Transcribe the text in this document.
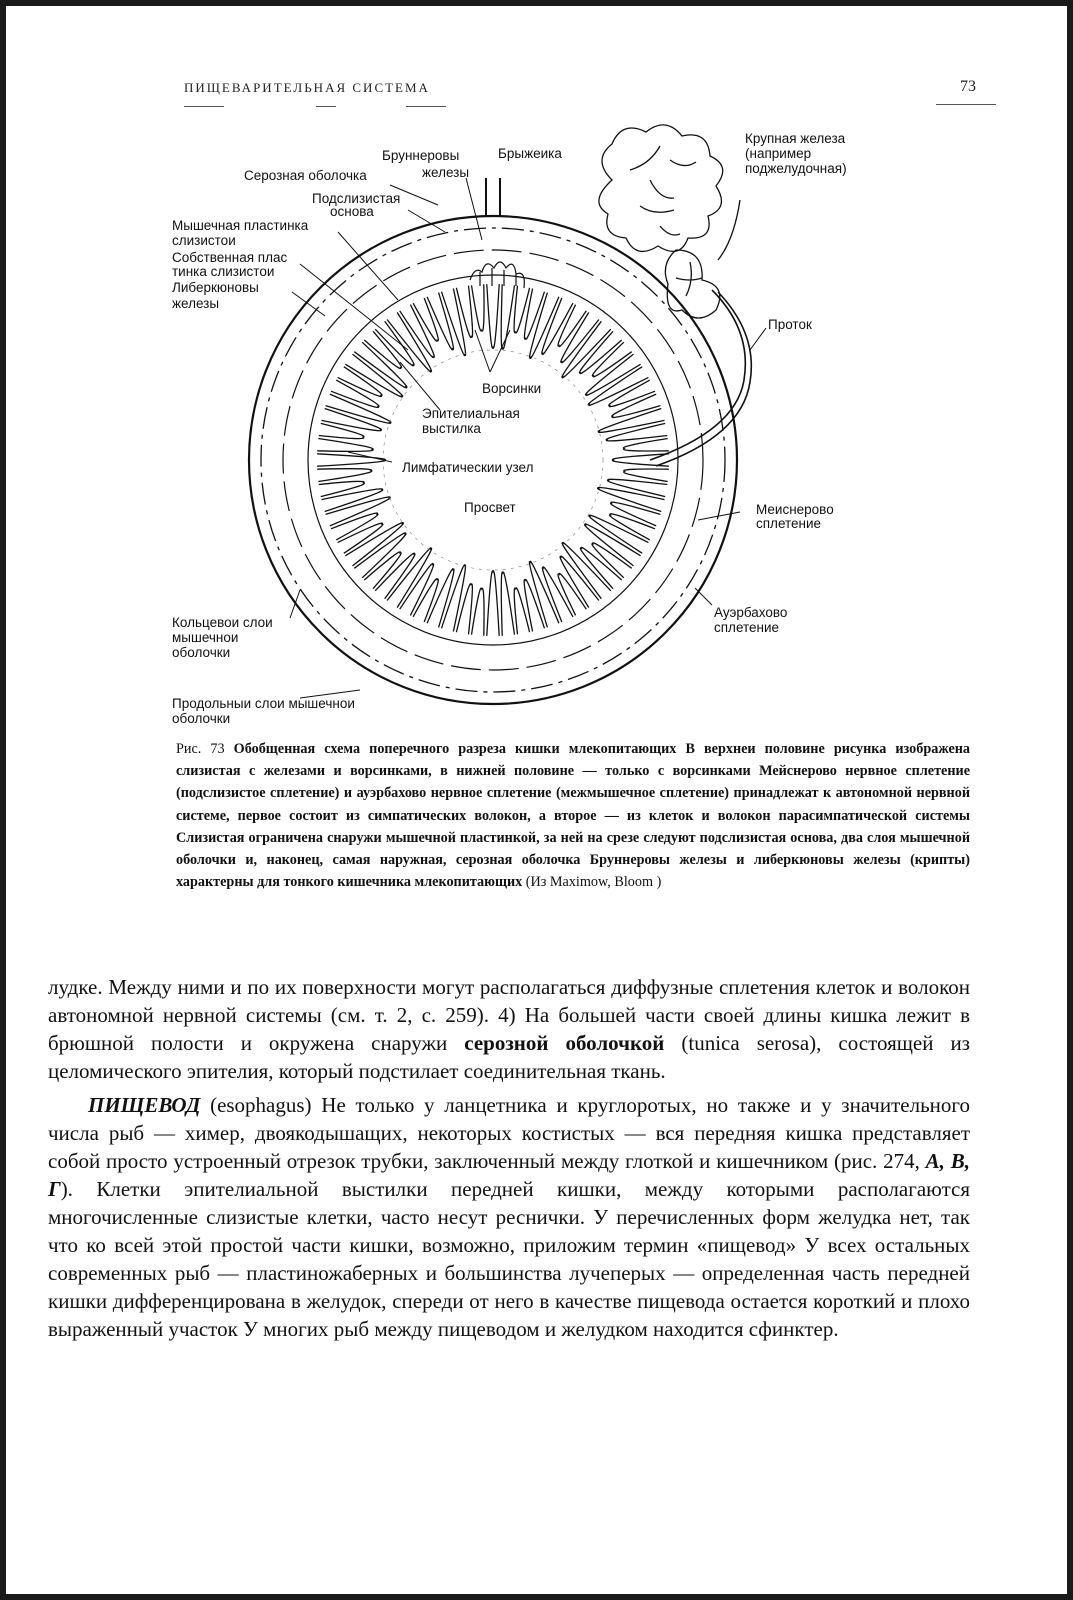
ПИЩЕВАРИТЕЛЬНАЯ СИСТЕМА	73
Бруннеровы
железы
Брыжеика
Серозная оболочка
Подслизистая
основа
Мышечная пластинка
слизистои
Собственная плас
тинка слизистои
Либеркюновы
железы
Крупная железа
(например
поджелудочная)
Проток
Ворсинки
Эпителиальная
выстилка
Лимфатическии узел
Просвет	Меиснерово
сплетение
Ауэрбахово
сплетение
Кольцевои слои
мышечнои
оболочки
Продольныи слои мышечнои
оболочки
Рис. 73 Обобщенная схема поперечного разреза кишки млекопитающих В верхнеи половине рисунка изображена слизистая с железами и ворсинками, в нижней половине — только с ворсинками Мейснерово нервное сплетение (подслизистое сплетение) и ауэрбахово нервное сплетение (межмышечное сплетение) принадлежат к автономной нервной системе, первое состоит из симпатических волокон, а второе — из клеток и волокон парасимпатической системы Слизистая ограничена снаружи мышечной пластинкой, за ней на срезе следуют подслизистая основа, два слоя мышечной оболочки и, наконец, самая наружная, серозная оболочка Бруннеровы железы и либеркюновы железы (крипты) характерны для тонкого кишечника млекопитающих (Из Maximow, Bloom )

лудке. Между ними и по их поверхности могут располагаться диффузные сплетения клеток и волокон автономной нервной системы (см. т. 2, с. 259). 4) На большей части своей длины кишка лежит в брюшной полости и окружена снаружи серозной оболочкой (tunica serosa), состоящей из целомического эпителия, который подстилает соединительная ткань.

ПИЩЕВОД (esophagus) Не только у ланцетника и круглоротых, но также и у значительного числа рыб — химер, двоякодышащих, некоторых костистых — вся передняя кишка представляет собой просто устроенный отрезок трубки, заключенный между глоткой и кишечником (рис. 274, А, В, Г). Клетки эпителиальной выстилки передней кишки, между которыми располагаются многочисленные слизистые клетки, часто несут реснички. У перечисленных форм желудка нет, так что ко всей этой простой части кишки, возможно, приложим термин «пищевод» У всех остальных современных рыб — пластиножаберных и большинства лучеперых — определенная часть передней кишки дифференцирована в желудок, спереди от него в качестве пищевода остается короткий и плохо выраженный участок У многих рыб между пищеводом и желудком находится сфинктер.
